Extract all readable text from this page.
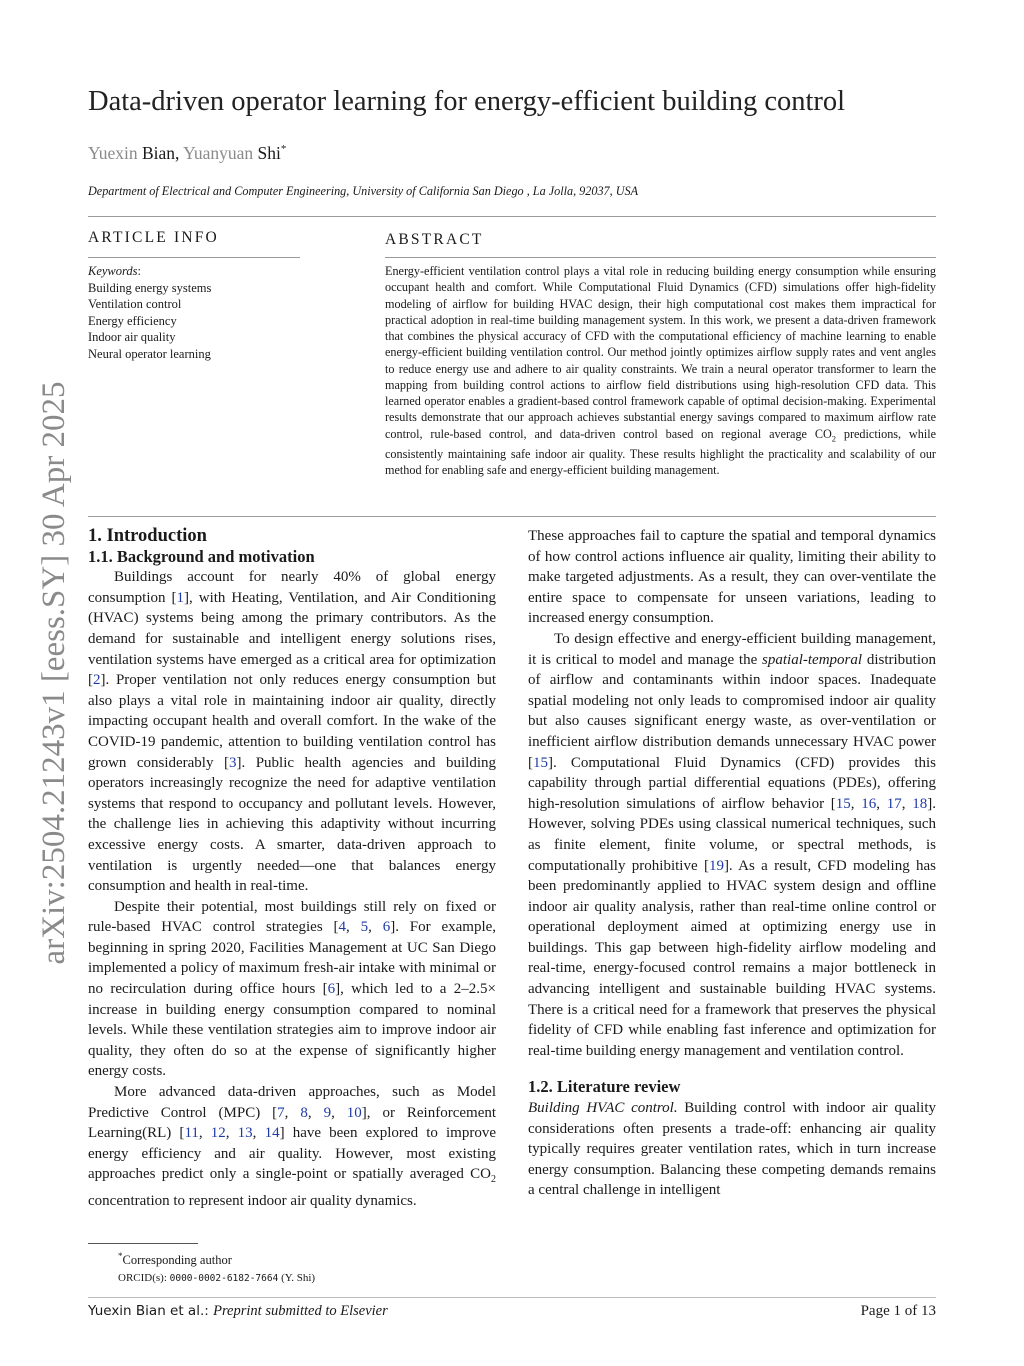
arXiv:2504.21243v1 [eess.SY] 30 Apr 2025
Data-driven operator learning for energy-efficient building control
Yuexin Bian, Yuanyuan Shi*
Department of Electrical and Computer Engineering, University of California San Diego , La Jolla, 92037, USA
ARTICLE INFO
Keywords:
Building energy systems
Ventilation control
Energy efficiency
Indoor air quality
Neural operator learning
ABSTRACT
Energy-efficient ventilation control plays a vital role in reducing building energy consumption while ensuring occupant health and comfort. While Computational Fluid Dynamics (CFD) simulations offer high-fidelity modeling of airflow for building HVAC design, their high computational cost makes them impractical for practical adoption in real-time building management system. In this work, we present a data-driven framework that combines the physical accuracy of CFD with the computational efficiency of machine learning to enable energy-efficient building ventilation control. Our method jointly optimizes airflow supply rates and vent angles to reduce energy use and adhere to air quality constraints. We train a neural operator transformer to learn the mapping from building control actions to airflow field distributions using high-resolution CFD data. This learned operator enables a gradient-based control framework capable of optimal decision-making. Experimental results demonstrate that our approach achieves substantial energy savings compared to maximum airflow rate control, rule-based control, and data-driven control based on regional average $CO_2$ predictions, while consistently maintaining safe indoor air quality. These results highlight the practicality and scalability of our method for enabling safe and energy-efficient building management.

1. Introduction

1.1. Background and motivation

Buildings account for nearly 40% of global energy consumption [1], with Heating, Ventilation, and Air Conditioning (HVAC) systems being among the primary contributors. As the demand for sustainable and intelligent energy solutions rises, ventilation systems have emerged as a critical area for optimization [2]. Proper ventilation not only reduces energy consumption but also plays a vital role in maintaining indoor air quality, directly impacting occupant health and overall comfort. In the wake of the COVID-19 pandemic, attention to building ventilation control has grown considerably [3]. Public health agencies and building operators increasingly recognize the need for adaptive ventilation systems that respond to occupancy and pollutant levels. However, the challenge lies in achieving this adaptivity without incurring excessive energy costs. A smarter, data-driven approach to ventilation is urgently needed—one that balances energy consumption and health in real-time.

Despite their potential, most buildings still rely on fixed or rule-based HVAC control strategies [4, 5, 6]. For example, beginning in spring 2020, Facilities Management at UC San Diego implemented a policy of maximum fresh-air intake with minimal or no recirculation during office hours [6], which led to a 2–2.5× increase in building energy consumption compared to nominal levels. While these ventilation strategies aim to improve indoor air quality, they often do so at the expense of significantly higher energy costs.

More advanced data-driven approaches, such as Model Predictive Control (MPC) [7, 8, 9, 10], or Reinforcement Learning(RL) [11, 12, 13, 14] have been explored to improve energy efficiency and air quality. However, most existing approaches predict only a single-point or spatially averaged $CO_2$ concentration to represent indoor air quality dynamics.

*Corresponding author
ORCID(s): 0000-0002-6182-7664 (Y. Shi)

These approaches fail to capture the spatial and temporal dynamics of how control actions influence air quality, limiting their ability to make targeted adjustments. As a result, they can over-ventilate the entire space to compensate for unseen variations, leading to increased energy consumption.

To design effective and energy-efficient building management, it is critical to model and manage the spatial-temporal distribution of airflow and contaminants within indoor spaces. Inadequate spatial modeling not only leads to compromised indoor air quality but also causes significant energy waste, as over-ventilation or inefficient airflow distribution demands unnecessary HVAC power [15]. Computational Fluid Dynamics (CFD) provides this capability through partial differential equations (PDEs), offering high-resolution simulations of airflow behavior [15, 16, 17, 18]. However, solving PDEs using classical numerical techniques, such as finite element, finite volume, or spectral methods, is computationally prohibitive [19]. As a result, CFD modeling has been predominantly applied to HVAC system design and offline indoor air quality analysis, rather than real-time online control or operational deployment aimed at optimizing energy use in buildings. This gap between high-fidelity airflow modeling and real-time, energy-focused control remains a major bottleneck in advancing intelligent and sustainable building HVAC systems. There is a critical need for a framework that preserves the physical fidelity of CFD while enabling fast inference and optimization for real-time building energy management and ventilation control.

1.2. Literature review

Building HVAC control. Building control with indoor air quality considerations often presents a trade-off: enhancing air quality typically requires greater ventilation rates, which in turn increase energy consumption. Balancing these competing demands remains a central challenge in intelligent

Yuexin Bian et al.: Preprint submitted to Elsevier	Page 1 of 13
